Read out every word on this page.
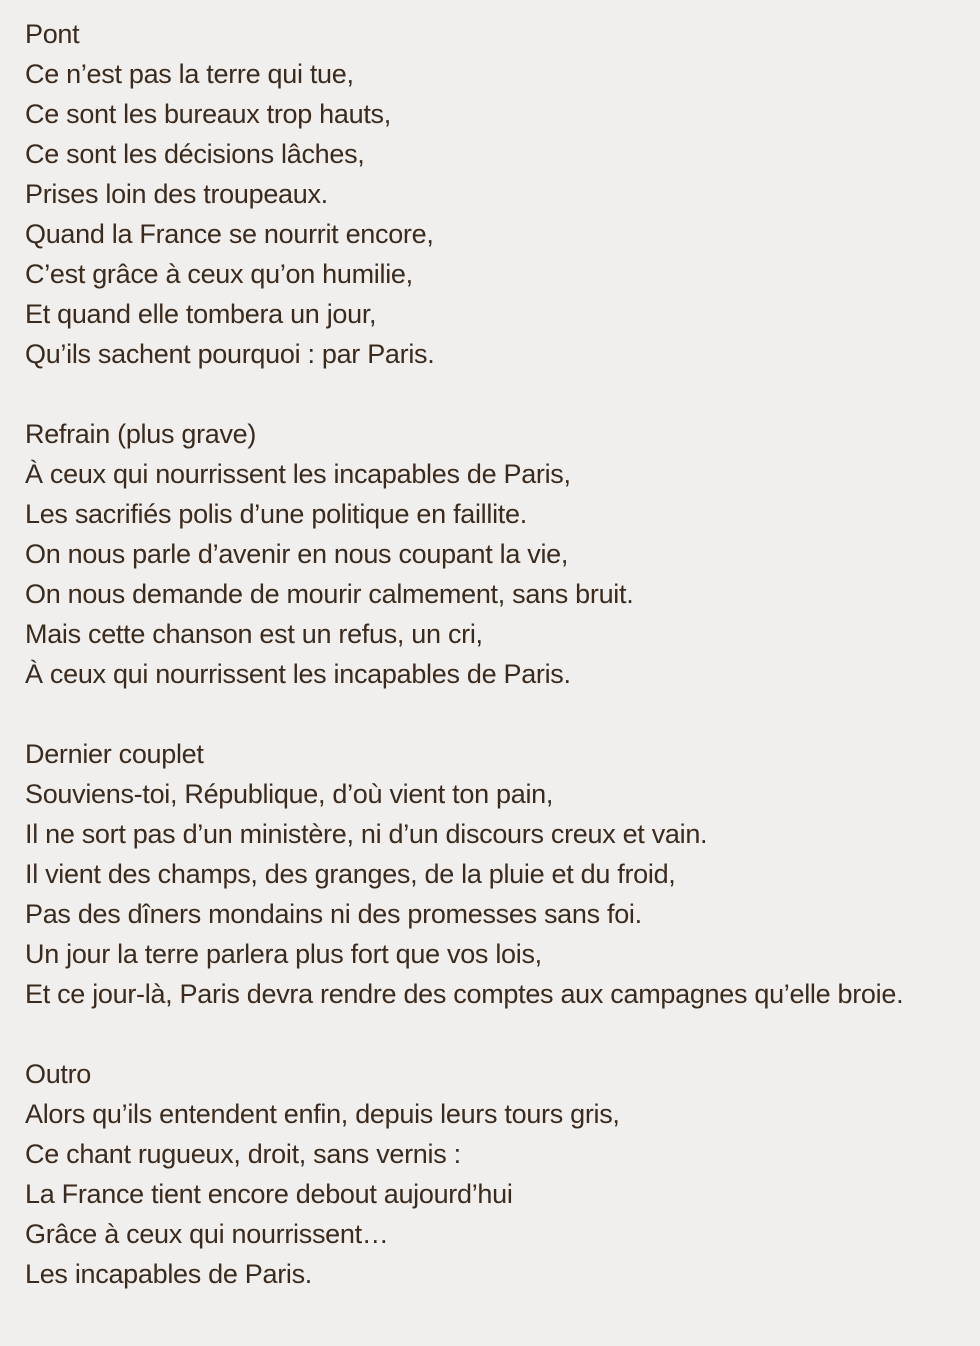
Pont

Ce n’est pas la terre qui tue,

Ce sont les bureaux trop hauts,

Ce sont les décisions lâches,

Prises loin des troupeaux.

Quand la France se nourrit encore,

C’est grâce à ceux qu’on humilie,

Et quand elle tombera un jour,

Qu’ils sachent pourquoi : par Paris.

Refrain (plus grave)

À ceux qui nourrissent les incapables de Paris,

Les sacrifiés polis d’une politique en faillite.

On nous parle d’avenir en nous coupant la vie,

On nous demande de mourir calmement, sans bruit.

Mais cette chanson est un refus, un cri,

À ceux qui nourrissent les incapables de Paris.

Dernier couplet

Souviens-toi, République, d’où vient ton pain,

Il ne sort pas d’un ministère, ni d’un discours creux et vain.

Il vient des champs, des granges, de la pluie et du froid,

Pas des dîners mondains ni des promesses sans foi.

Un jour la terre parlera plus fort que vos lois,

Et ce jour-là, Paris devra rendre des comptes aux campagnes qu’elle broie.

Outro

Alors qu’ils entendent enfin, depuis leurs tours gris,

Ce chant rugueux, droit, sans vernis :

La France tient encore debout aujourd’hui

Grâce à ceux qui nourrissent…

Les incapables de Paris.
